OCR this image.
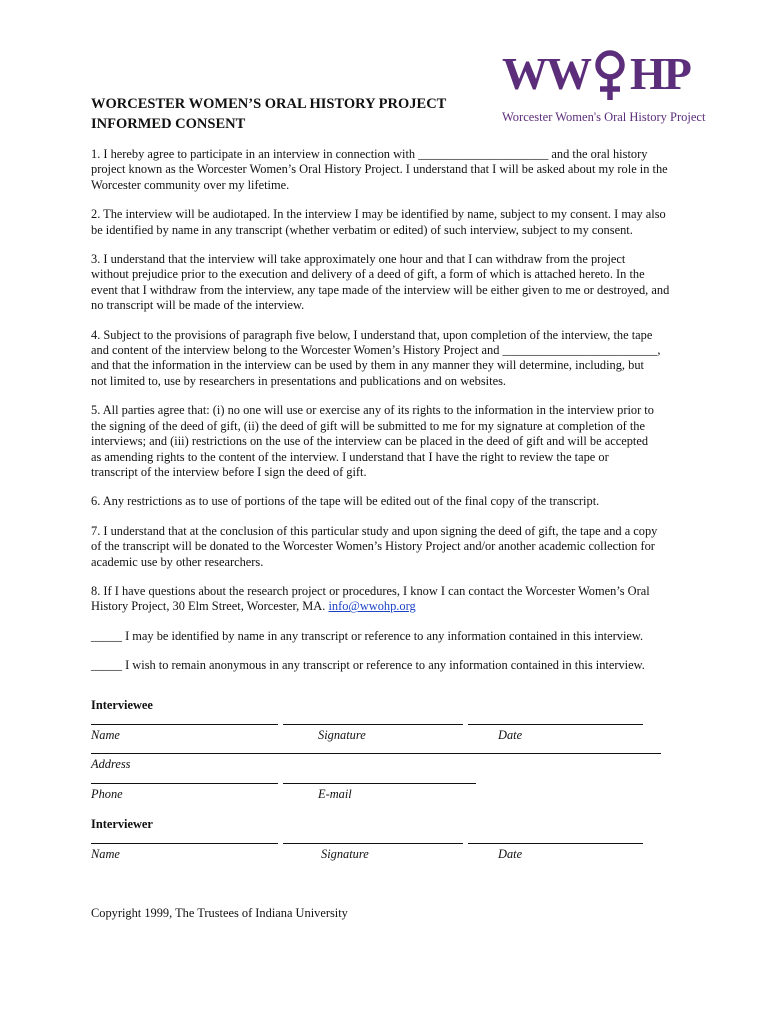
WW HP
Worcester Women's Oral History Project
WORCESTER WOMEN’S ORAL HISTORY PROJECT
INFORMED CONSENT
1. I hereby agree to participate in an interview in connection with _____________________ and the oral history
project known as the Worcester Women’s Oral History Project. I understand that I will be asked about my role in the
Worcester community over my lifetime.
2. The interview will be audiotaped. In the interview I may be identified by name, subject to my consent. I may also
be identified by name in any transcript (whether verbatim or edited) of such interview, subject to my consent.
3. I understand that the interview will take approximately one hour and that I can withdraw from the project
without prejudice prior to the execution and delivery of a deed of gift, a form of which is attached hereto. In the
event that I withdraw from the interview, any tape made of the interview will be either given to me or destroyed, and
no transcript will be made of the interview.
4. Subject to the provisions of paragraph five below, I understand that, upon completion of the interview, the tape
and content of the interview belong to the Worcester Women’s History Project and _________________________,
and that the information in the interview can be used by them in any manner they will determine, including, but
not limited to, use by researchers in presentations and publications and on websites.
5. All parties agree that: (i) no one will use or exercise any of its rights to the information in the interview prior to
the signing of the deed of gift, (ii) the deed of gift will be submitted to me for my signature at completion of the
interviews; and (iii) restrictions on the use of the interview can be placed in the deed of gift and will be accepted
as amending rights to the content of the interview. I understand that I have the right to review the tape or
transcript of the interview before I sign the deed of gift.
6. Any restrictions as to use of portions of the tape will be edited out of the final copy of the transcript.
7. I understand that at the conclusion of this particular study and upon signing the deed of gift, the tape and a copy
of the transcript will be donated to the Worcester Women’s History Project and/or another academic collection for
academic use by other researchers.
8. If I have questions about the research project or procedures, I know I can contact the Worcester Women’s Oral
History Project, 30 Elm Street, Worcester, MA. info@wwohp.org
_____ I may be identified by name in any transcript or reference to any information contained in this interview.
_____ I wish to remain anonymous in any transcript or reference to any information contained in this interview.
Interviewee
Name	Signature	Date
Address
Phone	E-mail
Interviewer
Name	Signature	Date
Copyright 1999, The Trustees of Indiana University
